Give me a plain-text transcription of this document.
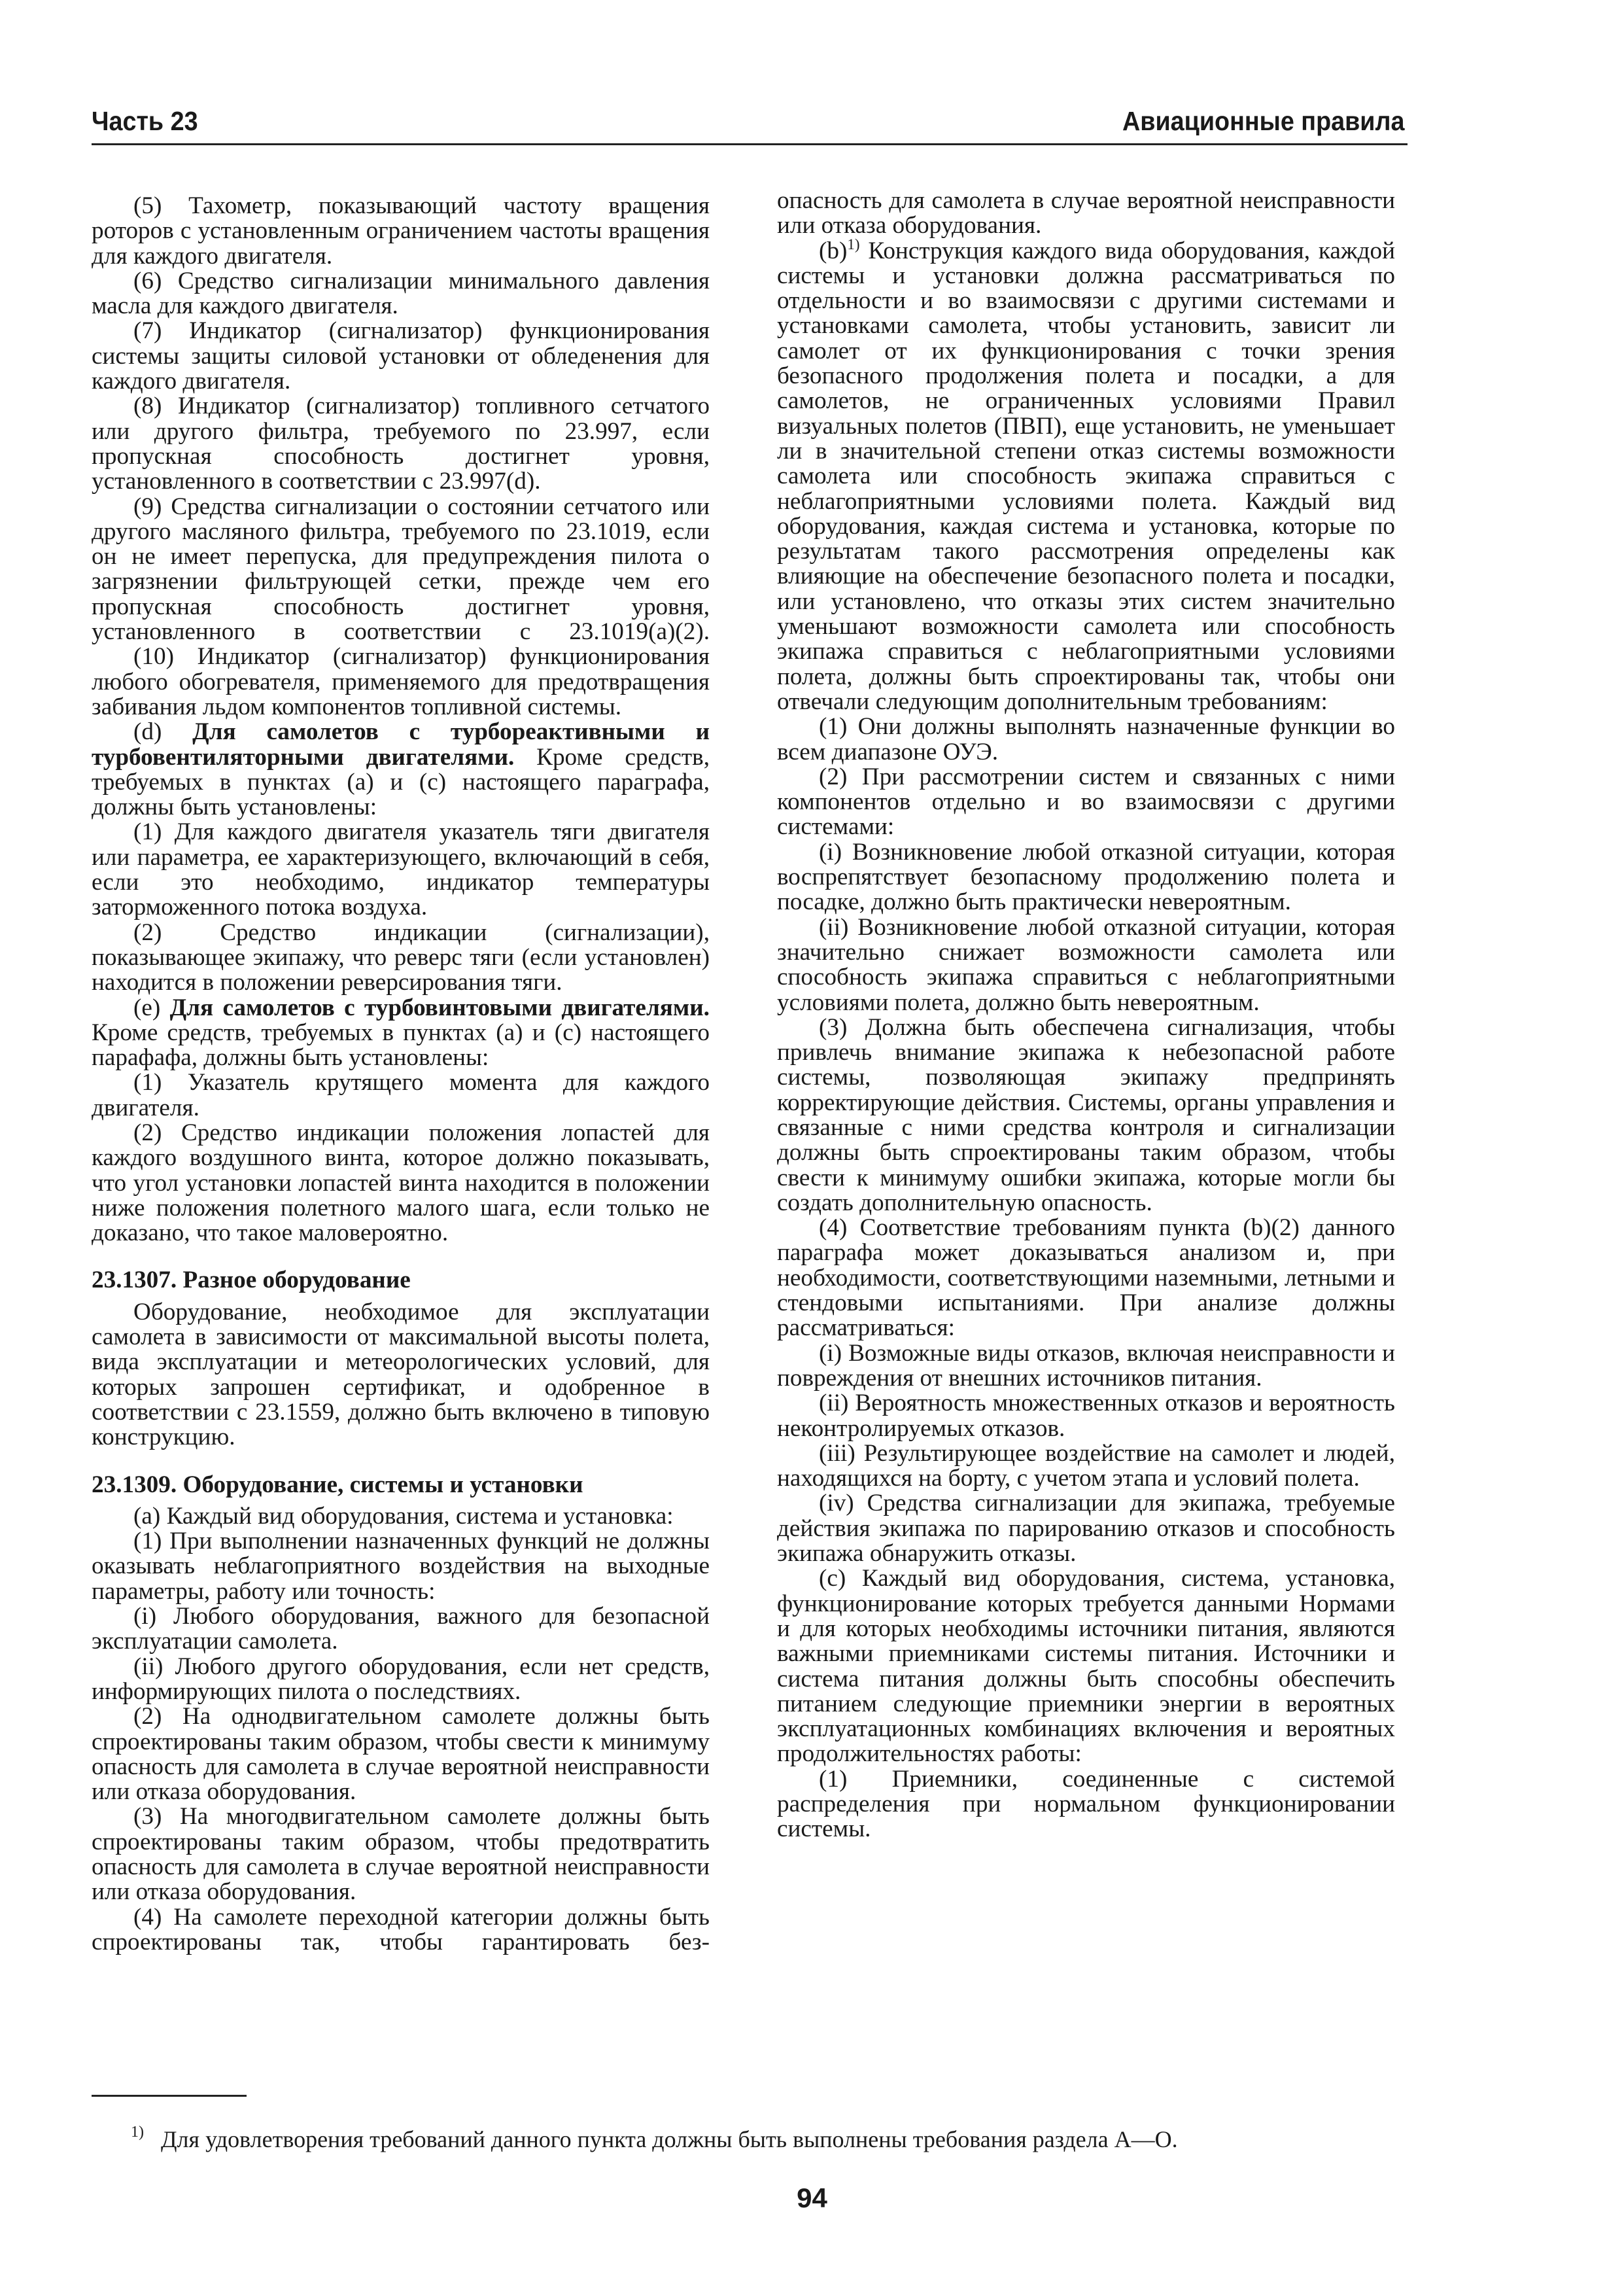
Часть 23	Авиационные правила

(5) Тахометр, показывающий частоту вращения роторов с установленным ограничением частоты вращения для каждого двигателя.

(6) Средство сигнализации минимального давления масла для каждого двигателя.

(7) Индикатор (сигнализатор) функционирования системы защиты силовой установки от обледенения для каждого двигателя.

(8) Индикатор (сигнализатор) топливного сетчатого или другого фильтра, требуемого по 23.997, если пропускная способность достигнет уровня, установленного в соответствии с 23.997(d).

(9) Средства сигнализации о состоянии сетчатого или другого масляного фильтра, требуемого по 23.1019, если он не имеет перепуска, для предупреждения пилота о загрязнении фильтрующей сетки, прежде чем его пропускная способность достигнет уровня, установленного в соответствии с 23.1019(a)(2).

(10) Индикатор (сигнализатор) функционирования любого обогревателя, применяемого для предотвращения забивания льдом компонентов топливной системы.

(d) Для самолетов с турбореактивными и турбовентиляторными двигателями. Кроме средств, требуемых в пунктах (a) и (c) настоящего параграфа, должны быть установлены:

(1) Для каждого двигателя указатель тяги двигателя или параметра, ее характеризующего, включающий в себя, если это необходимо, индикатор температуры заторможенного потока воздуха.

(2) Средство индикации (сигнализации), показывающее экипажу, что реверс тяги (если установлен) находится в положении реверсирования тяги.

(e) Для самолетов с турбовинтовыми двигателями. Кроме средств, требуемых в пунктах (a) и (c) настоящего парафафа, должны быть установлены:

(1) Указатель крутящего момента для каждого двигателя.

(2) Средство индикации положения лопастей для каждого воздушного винта, которое должно показывать, что угол установки лопастей винта находится в положении ниже положения полетного малого шага, если только не доказано, что такое маловероятно.

23.1307. Разное оборудование

Оборудование, необходимое для эксплуатации самолета в зависимости от максимальной высоты полета, вида эксплуатации и метеорологических условий, для которых запрошен сертификат, и одобренное в соответствии с 23.1559, должно быть включено в типовую конструкцию.

23.1309. Оборудование, системы и установки

(a) Каждый вид оборудования, система и установка:

(1) При выполнении назначенных функций не должны оказывать неблагоприятного воздействия на выходные параметры, работу или точность:

(i) Любого оборудования, важного для безопасной эксплуатации самолета.

(ii) Любого другого оборудования, если нет средств, информирующих пилота о последствиях.

(2) На однодвигательном самолете должны быть спроектированы таким образом, чтобы свести к минимуму опасность для самолета в случае вероятной неисправности или отказа оборудования.

(3) На многодвигательном самолете должны быть спроектированы таким образом, чтобы предотвратить опасность для самолета в случае вероятной неисправности или отказа оборудования.

(4) На самолете переходной категории должны быть спроектированы так, чтобы гарантировать без-

опасность для самолета в случае вероятной неисправности или отказа оборудования.

$(b)^{1)}$ Конструкция каждого вида оборудования, каждой системы и установки должна рассматриваться по отдельности и во взаимосвязи с другими системами и установками самолета, чтобы установить, зависит ли самолет от их функционирования с точки зрения безопасного продолжения полета и посадки, а для самолетов, не ограниченных условиями Правил визуальных полетов (ПВП), еще установить, не уменьшает ли в значительной степени отказ системы возможности самолета или способность экипажа справиться с неблагоприятными условиями полета. Каждый вид оборудования, каждая система и установка, которые по результатам такого рассмотрения определены как влияющие на обеспечение безопасного полета и посадки, или установлено, что отказы этих систем значительно уменьшают возможности самолета или способность экипажа справиться с неблагоприятными условиями полета, должны быть спроектированы так, чтобы они отвечали следующим дополнительным требованиям:

(1) Они должны выполнять назначенные функции во всем диапазоне ОУЭ.

(2) При рассмотрении систем и связанных с ними компонентов отдельно и во взаимосвязи с другими системами:

(i) Возникновение любой отказной ситуации, которая воспрепятствует безопасному продолжению полета и посадке, должно быть практически невероятным.

(ii) Возникновение любой отказной ситуации, которая значительно снижает возможности самолета или способность экипажа справиться с неблагоприятными условиями полета, должно быть невероятным.

(3) Должна быть обеспечена сигнализация, чтобы привлечь внимание экипажа к небезопасной работе системы, позволяющая экипажу предпринять корректирующие действия. Системы, органы управления и связанные с ними средства контроля и сигнализации должны быть спроектированы таким образом, чтобы свести к минимуму ошибки экипажа, которые могли бы создать дополнительную опасность.

(4) Соответствие требованиям пункта (b)(2) данного параграфа может доказываться анализом и, при необходимости, соответствующими наземными, летными и стендовыми испытаниями. При анализе должны рассматриваться:

(i) Возможные виды отказов, включая неисправности и повреждения от внешних источников питания.

(ii) Вероятность множественных отказов и вероятность неконтролируемых отказов.

(iii) Результирующее воздействие на самолет и людей, находящихся на борту, с учетом этапа и условий полета.

(iv) Средства сигнализации для экипажа, требуемые действия экипажа по парированию отказов и способность экипажа обнаружить отказы.

(c) Каждый вид оборудования, система, установка, функционирование которых требуется данными Нормами и для которых необходимы источники питания, являются важными приемниками системы питания. Источники и система питания должны быть способны обеспечить питанием следующие приемники энергии в вероятных эксплуатационных комбинациях включения и вероятных продолжительностях работы:

(1) Приемники, соединенные с системой распределения при нормальном функционировании системы.

$^{1)}$ Для удовлетворения требований данного пункта должны быть выполнены требования раздела A—O.
94
